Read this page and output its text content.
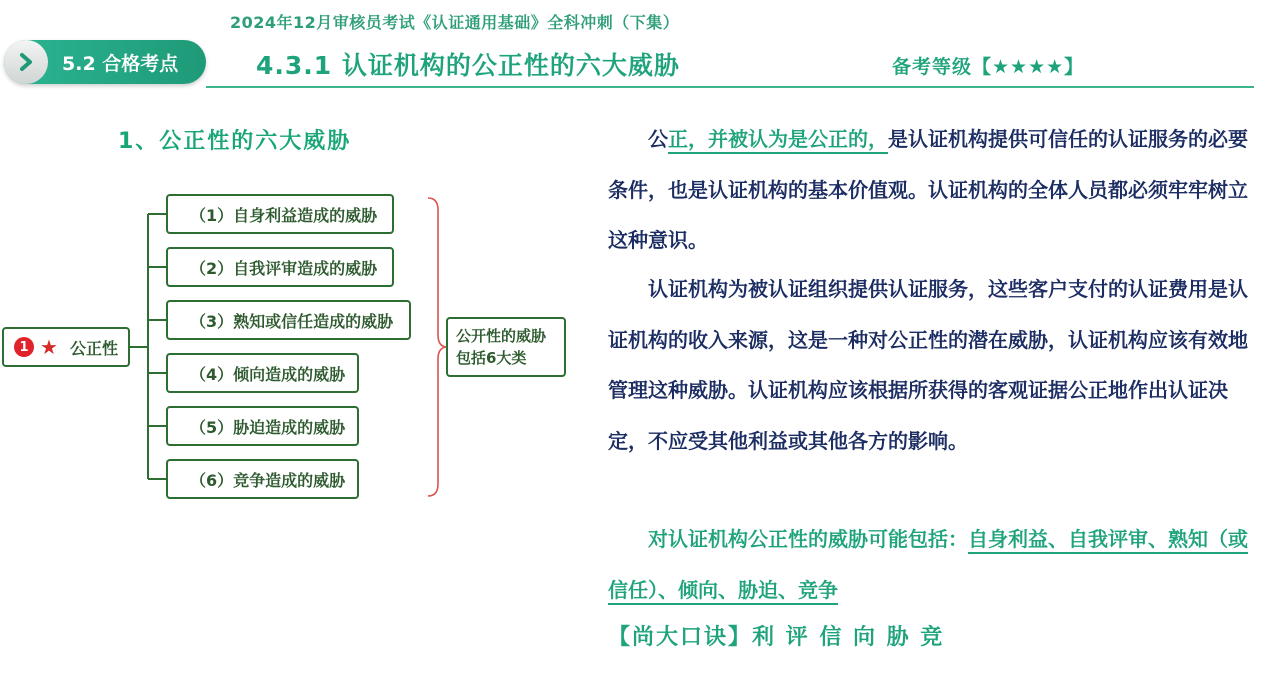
2024年12月审核员考试《认证通用基础》全科冲刺（下集）
5.2 合格考点	4.3.1 认证机构的公正性的六大威胁	备考等级【★★★★】
1、公正性的六大威胁
1 ★ 公正性
（1）自身利益造成的威胁
（2）自我评审造成的威胁
（3）熟知或信任造成的威胁
（4）倾向造成的威胁
（5）胁迫造成的威胁
（6）竞争造成的威胁
公开性的威胁
包括6大类
公正，并被认为是公正的，是认证机构提供可信任的认证服务的必要条件，也是认证机构的基本价值观。认证机构的全体人员都必须牢牢树立这种意识。
认证机构为被认证组织提供认证服务，这些客户支付的认证费用是认证机构的收入来源，这是一种对公正性的潜在威胁，认证机构应该有效地管理这种威胁。认证机构应该根据所获得的客观证据公正地作出认证决定，不应受其他利益或其他各方的影响。
对认证机构公正性的威胁可能包括：自身利益、自我评审、熟知（或信任）、倾向、胁迫、竞争
【尚大口诀】利 评 信 向 胁 竞
